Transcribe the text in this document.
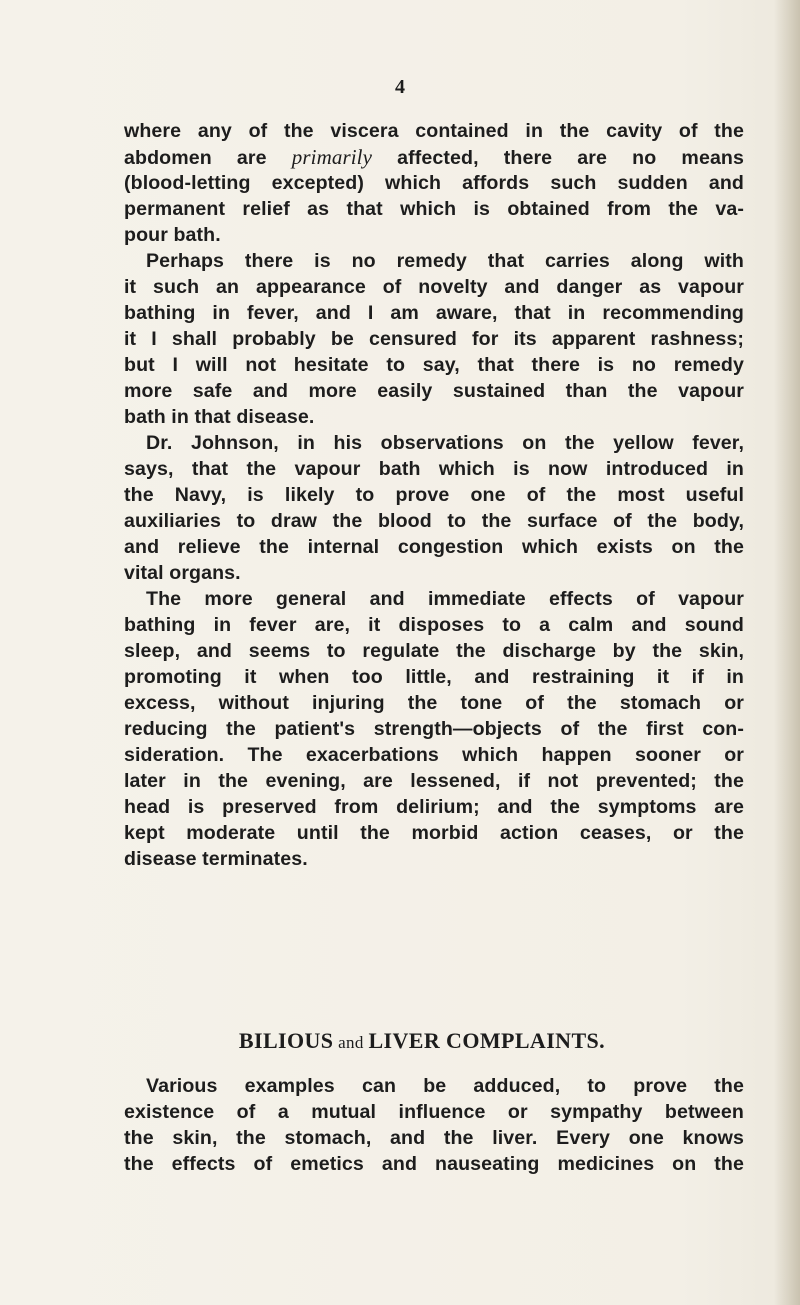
4
where any of the viscera contained in the cavity of the
abdomen are primarily affected, there are no means
(blood-letting excepted) which affords such sudden and
permanent relief as that which is obtained from the va-
pour bath.
Perhaps there is no remedy that carries along with
it such an appearance of novelty and danger as vapour
bathing in fever, and I am aware, that in recommending
it I shall probably be censured for its apparent rashness;
but I will not hesitate to say, that there is no remedy
more safe and more easily sustained than the vapour
bath in that disease.
Dr. Johnson, in his observations on the yellow fever,
says, that the vapour bath which is now introduced in
the Navy, is likely to prove one of the most useful
auxiliaries to draw the blood to the surface of the body,
and relieve the internal congestion which exists on the
vital organs.
The more general and immediate effects of vapour
bathing in fever are, it disposes to a calm and sound
sleep, and seems to regulate the discharge by the skin,
promoting it when too little, and restraining it if in
excess, without injuring the tone of the stomach or
reducing the patient's strength—objects of the first con-
sideration. The exacerbations which happen sooner or
later in the evening, are lessened, if not prevented; the
head is preserved from delirium; and the symptoms are
kept moderate until the morbid action ceases, or the
disease terminates.
BILIOUS and LIVER COMPLAINTS.
Various examples can be adduced, to prove the
existence of a mutual influence or sympathy between
the skin, the stomach, and the liver. Every one knows
the effects of emetics and nauseating medicines on the
